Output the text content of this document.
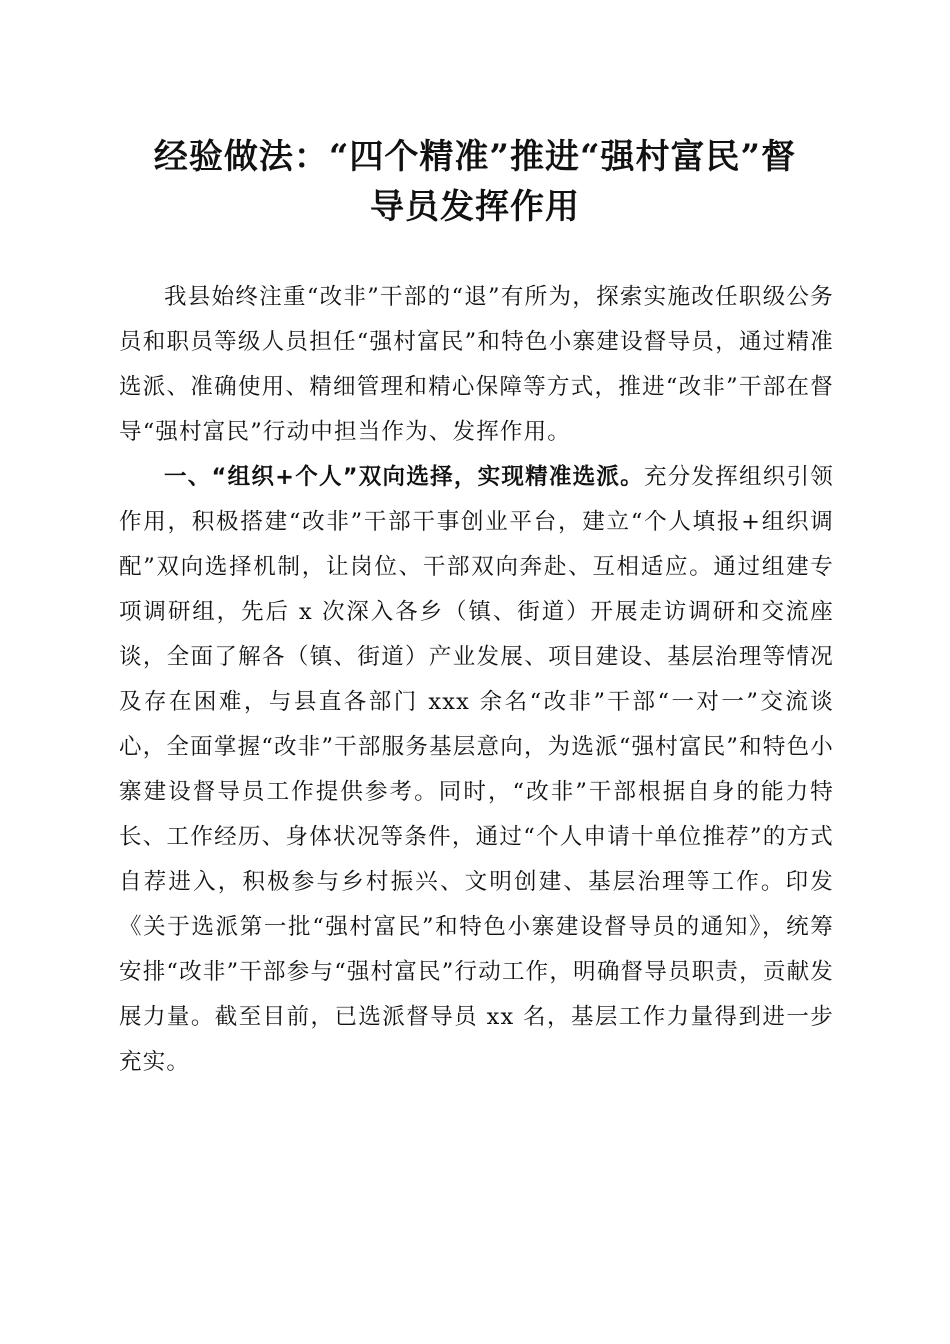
经验做法：“四个精准”推进“强村富民”督
导员发挥作用

我县始终注重“改非”干部的“退”有所为，探索实施改任职级公务员和职员等级人员担任“强村富民”和特色小寨建设督导员，通过精准选派、准确使用、精细管理和精心保障等方式，推进“改非”干部在督导“强村富民”行动中担当作为、发挥作用。

一、“组织+个人”双向选择，实现精准选派。充分发挥组织引领作用，积极搭建“改非”干部干事创业平台，建立“个人填报+组织调配”双向选择机制，让岗位、干部双向奔赴、互相适应。通过组建专项调研组，先后 x 次深入各乡（镇、街道）开展走访调研和交流座谈，全面了解各（镇、街道）产业发展、项目建设、基层治理等情况及存在困难，与县直各部门 xxx 余名“改非”干部“一对一”交流谈心，全面掌握“改非”干部服务基层意向，为选派“强村富民”和特色小寨建设督导员工作提供参考。同时，“改非”干部根据自身的能力特长、工作经历、身体状况等条件，通过“个人申请十单位推荐”的方式自荐进入，积极参与乡村振兴、文明创建、基层治理等工作。印发《关于选派第一批“强村富民”和特色小寨建设督导员的通知》，统筹安排“改非”干部参与“强村富民”行动工作，明确督导员职责，贡献发展力量。截至目前，已选派督导员 xx 名，基层工作力量得到进一步充实。
